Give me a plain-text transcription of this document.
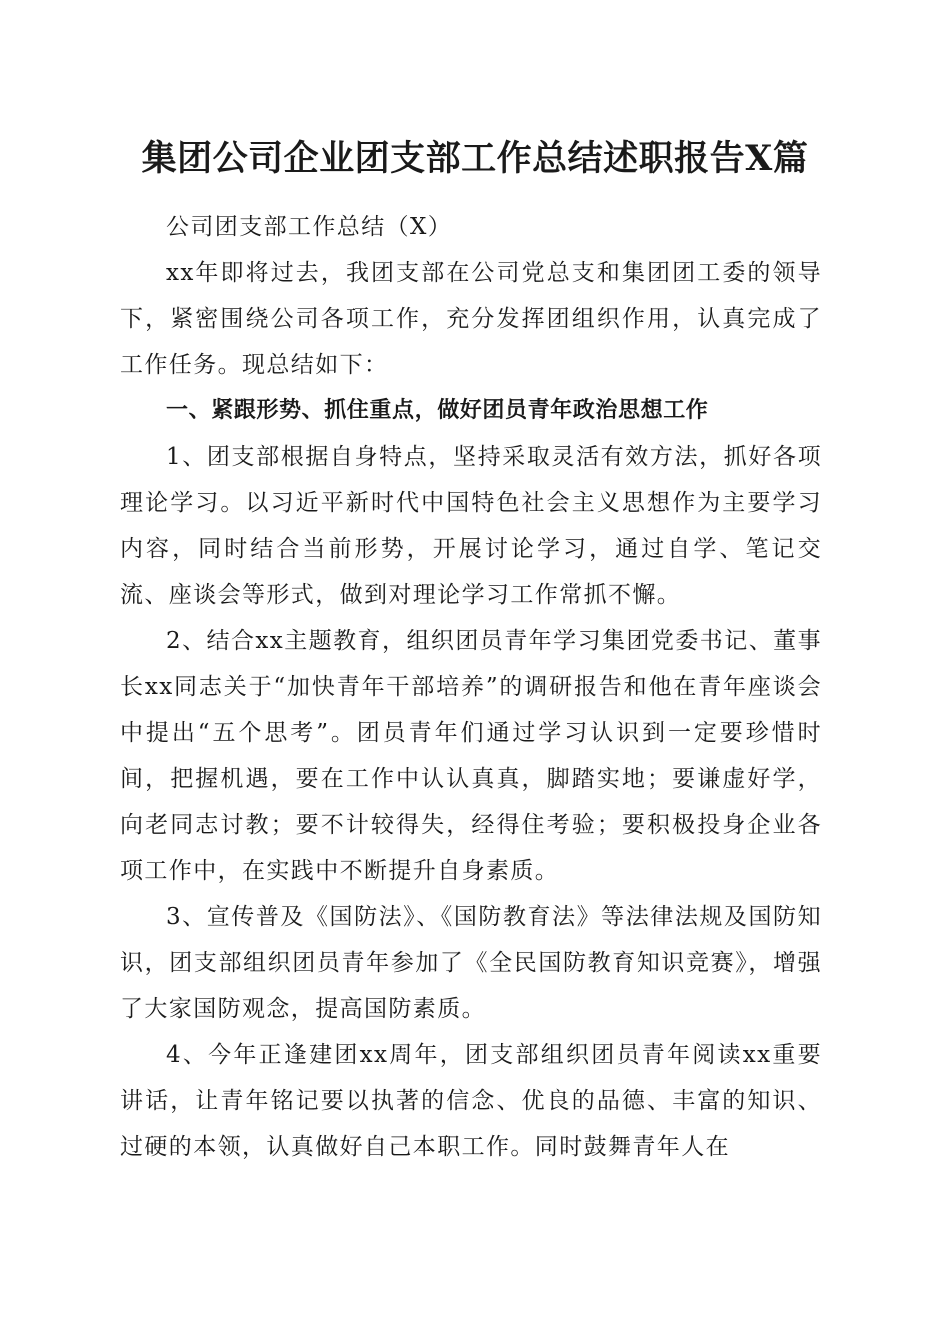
集团公司企业团支部工作总结述职报告X篇

公司团支部工作总结（X）

xx年即将过去，我团支部在公司党总支和集团团工委的领导下，紧密围绕公司各项工作，充分发挥团组织作用，认真完成了工作任务。现总结如下：

一、紧跟形势、抓住重点，做好团员青年政治思想工作

1、团支部根据自身特点，坚持采取灵活有效方法，抓好各项理论学习。以习近平新时代中国特色社会主义思想作为主要学习内容，同时结合当前形势，开展讨论学习，通过自学、笔记交流、座谈会等形式，做到对理论学习工作常抓不懈。

2、结合xx主题教育，组织团员青年学习集团党委书记、董事长xx同志关于“加快青年干部培养”的调研报告和他在青年座谈会中提出“五个思考”。团员青年们通过学习认识到一定要珍惜时间，把握机遇，要在工作中认认真真，脚踏实地；要谦虚好学，向老同志讨教；要不计较得失，经得住考验；要积极投身企业各项工作中，在实践中不断提升自身素质。

3、宣传普及《国防法》、《国防教育法》等法律法规及国防知识，团支部组织团员青年参加了《全民国防教育知识竞赛》，增强了大家国防观念，提高国防素质。

4、今年正逢建团xx周年，团支部组织团员青年阅读xx重要讲话，让青年铭记要以执著的信念、优良的品德、丰富的知识、过硬的本领，认真做好自己本职工作。同时鼓舞青年人在
